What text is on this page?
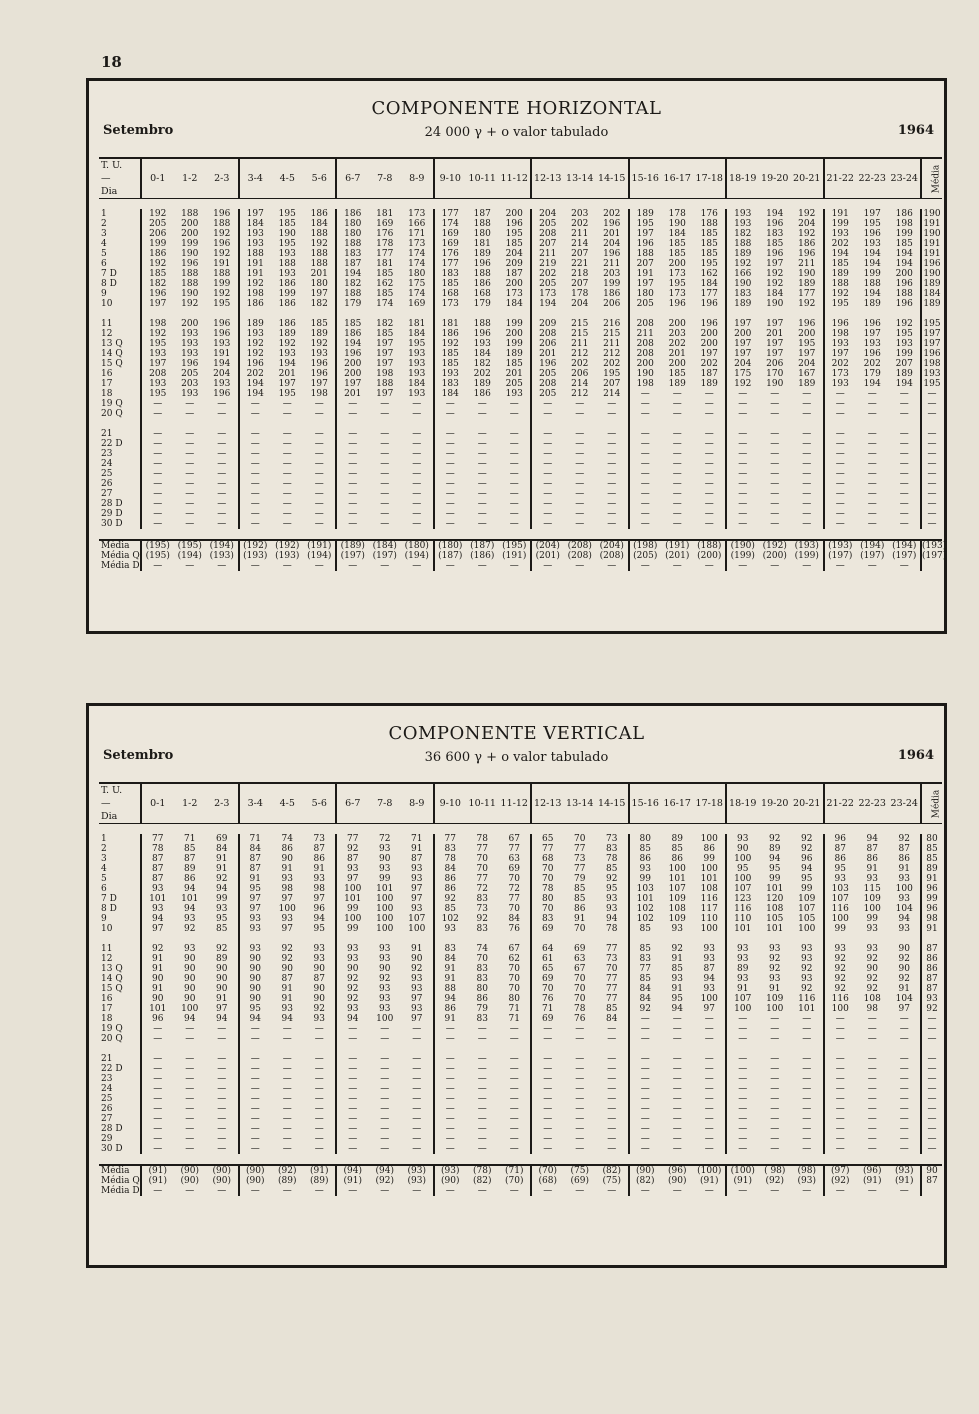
18
COMPONENTE HORIZONTAL
Setembro	24 000 γ + o valor tabulado	1964
T. U.
—
Dia	0-1	1-2	2-3	3-4	4-5	5-6	6-7	7-8	8-9	9-10	10-11	11-12	12-13	13-14	14-15	15-16	16-17	17-18	18-19	19-20	20-21	21-22	22-23	23-24	Média

1	192	188	196	197	195	186	186	181	173	177	187	200	204	203	202	189	178	176	193	194	192	191	197	186	190
2	205	200	188	184	185	184	180	169	166	174	188	196	205	202	196	195	190	188	193	196	204	199	195	198	191
3	206	200	192	193	190	188	180	176	171	169	180	195	208	211	201	197	184	185	182	183	192	193	196	199	190
4	199	199	196	193	195	192	188	178	173	169	181	185	207	214	204	196	185	185	188	185	186	202	193	185	191
5	186	190	192	188	193	188	183	177	174	176	189	204	211	207	196	188	185	185	189	196	196	194	194	194	191
6	192	196	191	191	188	188	187	181	174	177	196	209	219	221	211	207	200	195	192	197	211	185	194	194	196
7 D	185	188	188	191	193	201	194	185	180	183	188	187	202	218	203	191	173	162	166	192	190	189	199	200	190
8 D	182	188	199	192	186	180	182	162	175	185	186	200	205	207	199	197	195	184	190	192	189	188	188	196	189
9	196	190	192	198	199	197	188	185	174	168	168	173	173	178	186	180	173	177	183	184	177	192	194	188	184
10	197	192	195	186	186	182	179	174	169	173	179	184	194	204	206	205	196	196	189	190	192	195	189	196	189

11	198	200	196	189	186	185	185	182	181	181	188	199	209	215	216	208	200	196	197	197	196	196	196	192	195
12	192	193	196	193	189	189	186	185	184	186	196	200	208	215	215	211	203	200	200	201	200	198	197	195	197
13 Q	195	193	193	192	192	192	194	197	195	192	193	199	206	211	211	208	202	200	197	197	195	193	193	193	197
14 Q	193	193	191	192	193	193	196	197	193	185	184	189	201	212	212	208	201	197	197	197	197	197	196	199	196
15 Q	197	196	194	196	194	196	200	197	193	185	182	185	196	202	202	200	200	202	204	206	204	202	202	207	198
16	208	205	204	202	201	196	200	198	193	193	202	201	205	206	195	190	185	187	175	170	167	173	179	189	193
17	193	203	193	194	197	197	197	188	184	183	189	205	208	214	207	198	189	189	192	190	189	193	194	194	195
18	195	193	196	194	195	198	201	197	193	184	186	193	205	212	214	—	—	—	—	—	—	—	—	—	—
19 Q	—	—	—	—	—	—	—	—	—	—	—	—	—	—	—	—	—	—	—	—	—	—	—	—	—
20 Q	—	—	—	—	—	—	—	—	—	—	—	—	—	—	—	—	—	—	—	—	—	—	—	—	—

21	—	—	—	—	—	—	—	—	—	—	—	—	—	—	—	—	—	—	—	—	—	—	—	—	—
22 D	—	—	—	—	—	—	—	—	—	—	—	—	—	—	—	—	—	—	—	—	—	—	—	—	—
23	—	—	—	—	—	—	—	—	—	—	—	—	—	—	—	—	—	—	—	—	—	—	—	—	—
24	—	—	—	—	—	—	—	—	—	—	—	—	—	—	—	—	—	—	—	—	—	—	—	—	—
25	—	—	—	—	—	—	—	—	—	—	—	—	—	—	—	—	—	—	—	—	—	—	—	—	—
26	—	—	—	—	—	—	—	—	—	—	—	—	—	—	—	—	—	—	—	—	—	—	—	—	—
27	—	—	—	—	—	—	—	—	—	—	—	—	—	—	—	—	—	—	—	—	—	—	—	—	—
28 D	—	—	—	—	—	—	—	—	—	—	—	—	—	—	—	—	—	—	—	—	—	—	—	—	—
29 D	—	—	—	—	—	—	—	—	—	—	—	—	—	—	—	—	—	—	—	—	—	—	—	—	—
30 D	—	—	—	—	—	—	—	—	—	—	—	—	—	—	—	—	—	—	—	—	—	—	—	—	—

Média	(195)	(195)	(194)	(192)	(192)	(191)	(189)	(184)	(180)	(180)	(187)	(195)	(204)	(208)	(204)	(198)	(191)	(188)	(190)	(192)	(193)	(193)	(194)	(194)	(193)
Média Q	(195)	(194)	(193)	(193)	(193)	(194)	(197)	(197)	(194)	(187)	(186)	(191)	(201)	(208)	(208)	(205)	(201)	(200)	(199)	(200)	(199)	(197)	(197)	(197)	(197)
Média D	—	—	—	—	—	—	—	—	—	—	—	—	—	—	—	—	—	—	—	—	—	—	—	—	
COMPONENTE VERTICAL
Setembro	36 600 γ + o valor tabulado	1964
T. U.
—
Dia	0-1	1-2	2-3	3-4	4-5	5-6	6-7	7-8	8-9	9-10	10-11	11-12	12-13	13-14	14-15	15-16	16-17	17-18	18-19	19-20	20-21	21-22	22-23	23-24	Média

1	77	71	69	71	74	73	77	72	71	77	78	67	65	70	73	80	89	100	93	92	92	96	94	92	80
2	78	85	84	84	86	87	92	93	91	83	77	77	77	77	83	85	85	86	90	89	92	87	87	87	85
3	87	87	91	87	90	86	87	90	87	78	70	63	68	73	78	86	86	99	100	94	96	86	86	86	85
4	87	89	91	87	91	91	93	93	93	84	70	69	70	77	85	93	100	100	95	95	94	95	91	91	89
5	87	86	92	91	93	93	97	99	93	86	77	70	70	79	92	99	101	101	100	99	95	93	93	93	91
6	93	94	94	95	98	98	100	101	97	86	72	72	78	85	95	103	107	108	107	101	99	103	115	100	96
7 D	101	101	99	97	97	97	101	100	97	92	83	77	80	85	93	101	109	116	123	120	109	107	109	93	99
8 D	93	94	93	97	100	96	99	100	93	85	73	70	70	86	93	102	108	117	116	108	107	116	100	104	96
9	94	93	95	93	93	94	100	100	107	102	92	84	83	91	94	102	109	110	110	105	105	100	99	94	98
10	97	92	85	93	97	95	99	100	100	93	83	76	69	70	78	85	93	100	101	101	100	99	93	93	91

11	92	93	92	93	92	93	93	93	91	83	74	67	64	69	77	85	92	93	93	93	93	93	93	90	87
12	91	90	89	90	92	93	93	93	90	84	70	62	61	63	73	83	91	93	93	92	93	92	92	92	86
13 Q	91	90	90	90	90	90	90	90	92	91	83	70	65	67	70	77	85	87	89	92	92	92	90	90	86
14 Q	90	90	90	90	87	87	92	92	93	91	83	70	69	70	77	85	93	94	93	93	93	92	92	92	87
15 Q	91	90	90	90	91	90	92	93	93	88	80	70	70	70	77	84	91	93	91	91	92	92	92	91	87
16	90	90	91	90	91	90	92	93	97	94	86	80	76	70	77	84	95	100	107	109	116	116	108	104	93
17	101	100	97	95	93	92	93	93	93	86	79	71	71	78	85	92	94	97	100	100	101	100	98	97	92
18	96	94	94	94	94	93	94	100	97	91	83	71	69	76	84	—	—	—	—	—	—	—	—	—	—
19 Q	—	—	—	—	—	—	—	—	—	—	—	—	—	—	—	—	—	—	—	—	—	—	—	—	—
20 Q	—	—	—	—	—	—	—	—	—	—	—	—	—	—	—	—	—	—	—	—	—	—	—	—	—

21	—	—	—	—	—	—	—	—	—	—	—	—	—	—	—	—	—	—	—	—	—	—	—	—	—
22 D	—	—	—	—	—	—	—	—	—	—	—	—	—	—	—	—	—	—	—	—	—	—	—	—	—
23	—	—	—	—	—	—	—	—	—	—	—	—	—	—	—	—	—	—	—	—	—	—	—	—	—
24	—	—	—	—	—	—	—	—	—	—	—	—	—	—	—	—	—	—	—	—	—	—	—	—	—
25	—	—	—	—	—	—	—	—	—	—	—	—	—	—	—	—	—	—	—	—	—	—	—	—	—
26	—	—	—	—	—	—	—	—	—	—	—	—	—	—	—	—	—	—	—	—	—	—	—	—	—
27	—	—	—	—	—	—	—	—	—	—	—	—	—	—	—	—	—	—	—	—	—	—	—	—	—
28 D	—	—	—	—	—	—	—	—	—	—	—	—	—	—	—	—	—	—	—	—	—	—	—	—	—
29	—	—	—	—	—	—	—	—	—	—	—	—	—	—	—	—	—	—	—	—	—	—	—	—	—
30 D	—	—	—	—	—	—	—	—	—	—	—	—	—	—	—	—	—	—	—	—	—	—	—	—	—

Média	(91)	(90)	(90)	(90)	(92)	(91)	(94)	(94)	(93)	(93)	(78)	(71)	(70)	(75)	(82)	(90)	(96)	(100)	(100)	( 98)	(98)	(97)	(96)	(93)	90
Média Q	(91)	(90)	(90)	(90)	(89)	(89)	(91)	(92)	(93)	(90)	(82)	(70)	(68)	(69)	(75)	(82)	(90)	(91)	(91)	(92)	(93)	(92)	(91)	(91)	87
Média D	—	—	—	—	—	—	—	—	—	—	—	—	—	—	—	—	—	—	—	—	—	—	—	—	
